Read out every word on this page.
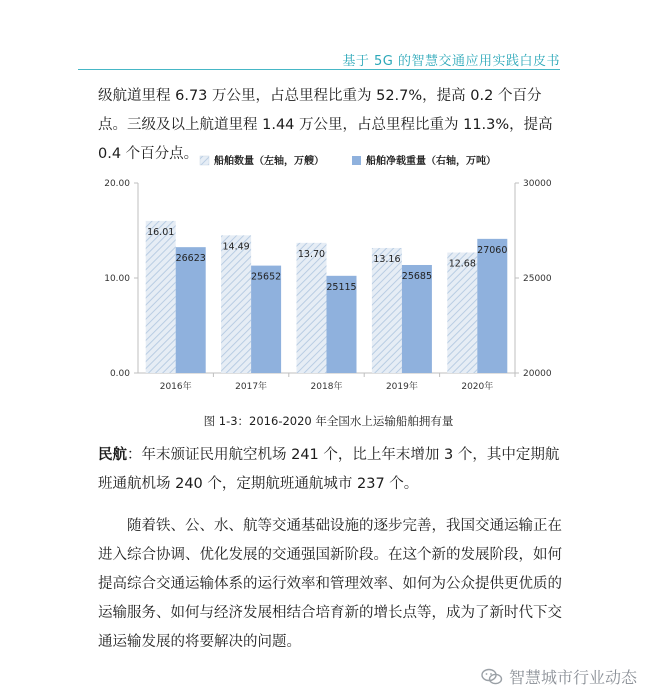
基于 5G 的智慧交通应用实践白皮书

级航道里程 6.73 万公里，占总里程比重为 52.7%，提高 0.2 个百分点。三级及以上航道里程 1.44 万公里，占总里程比重为 11.3%，提高 0.4 个百分点。

0.00
10.00
20.00
20000
25000
30000
16.01
26623
2016年
14.49
25652
2017年
13.70
25115
2018年
13.16
25685
2019年
12.68
27060
2020年
船舶数量（左轴，万艘）	船舶净载重量（右轴，万吨）
图 1-3：2016-2020 年全国水上运输船舶拥有量

民航：年末颁证民用航空机场 241 个，比上年末增加 3 个，其中定期航班通航机场 240 个，定期航班通航城市 237 个。

随着铁、公、水、航等交通基础设施的逐步完善，我国交通运输正在进入综合协调、优化发展的交通强国新阶段。在这个新的发展阶段，如何提高综合交通运输体系的运行效率和管理效率、如何为公众提供更优质的运输服务、如何与经济发展相结合培育新的增长点等，成为了新时代下交通运输发展的将要解决的问题。

智慧城市行业动态
